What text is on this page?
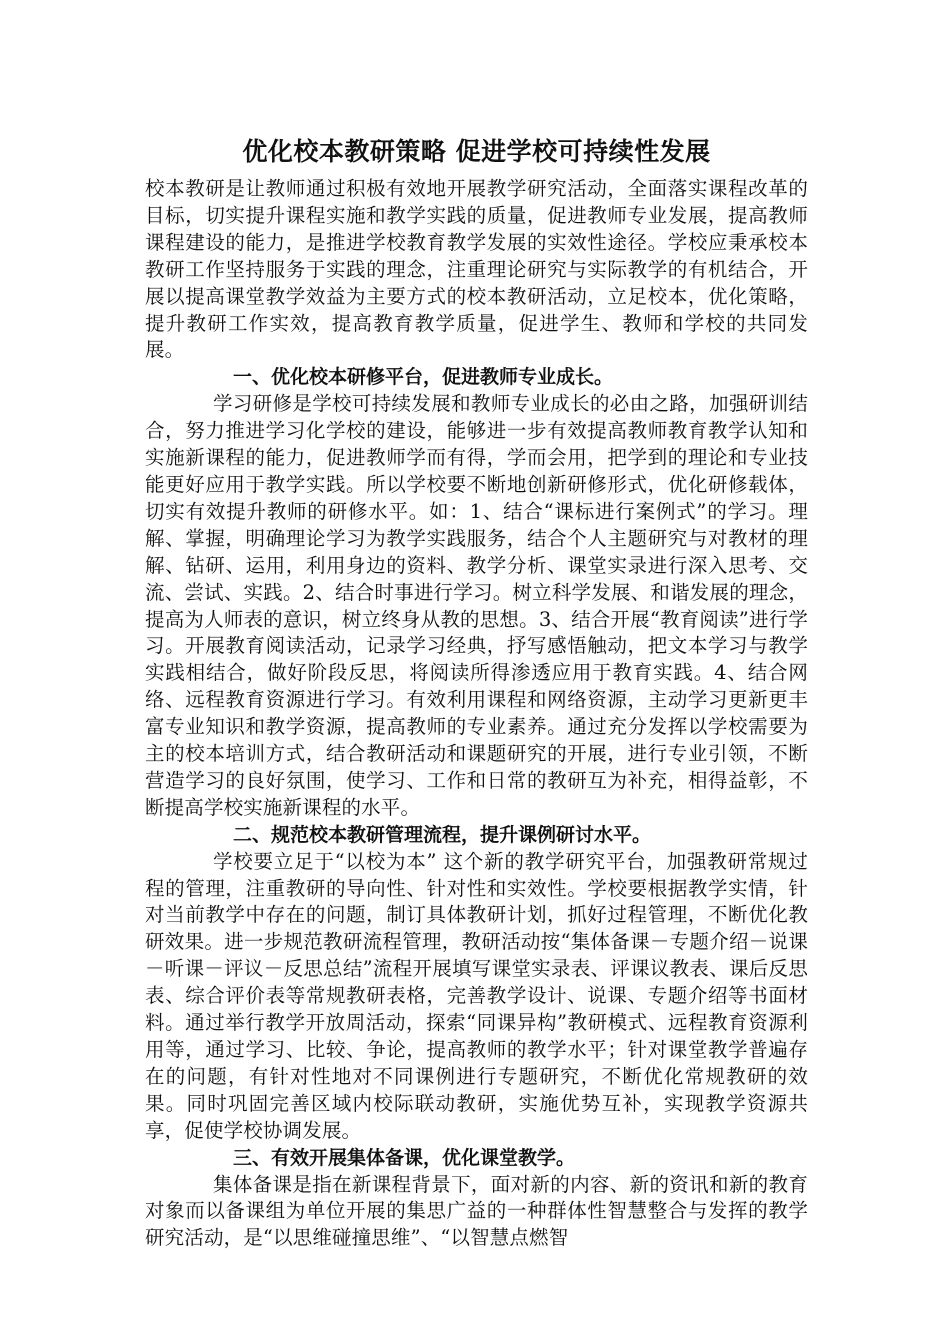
优化校本教研策略 促进学校可持续性发展

校本教研是让教师通过积极有效地开展教学研究活动，全面落实课程改革的目标，切实提升课程实施和教学实践的质量，促进教师专业发展，提高教师课程建设的能力，是推进学校教育教学发展的实效性途径。学校应秉承校本教研工作坚持服务于实践的理念，注重理论研究与实际教学的有机结合，开展以提高课堂教学效益为主要方式的校本教研活动，立足校本，优化策略，提升教研工作实效，提高教育教学质量，促进学生、教师和学校的共同发展。

一、优化校本研修平台，促进教师专业成长。

学习研修是学校可持续发展和教师专业成长的必由之路，加强研训结合，努力推进学习化学校的建设，能够进一步有效提高教师教育教学认知和实施新课程的能力，促进教师学而有得，学而会用，把学到的理论和专业技能更好应用于教学实践。所以学校要不断地创新研修形式，优化研修载体，切实有效提升教师的研修水平。如：1、结合“课标进行案例式”的学习。理解、掌握，明确理论学习为教学实践服务，结合个人主题研究与对教材的理解、钻研、运用，利用身边的资料、教学分析、课堂实录进行深入思考、交流、尝试、实践。2、结合时事进行学习。树立科学发展、和谐发展的理念，提高为人师表的意识，树立终身从教的思想。3、结合开展“教育阅读”进行学习。开展教育阅读活动，记录学习经典，抒写感悟触动，把文本学习与教学实践相结合，做好阶段反思，将阅读所得渗透应用于教育实践。4、结合网络、远程教育资源进行学习。有效利用课程和网络资源，主动学习更新更丰富专业知识和教学资源，提高教师的专业素养。通过充分发挥以学校需要为主的校本培训方式，结合教研活动和课题研究的开展，进行专业引领，不断营造学习的良好氛围，使学习、工作和日常的教研互为补充，相得益彰，不断提高学校实施新课程的水平。

二、规范校本教研管理流程，提升课例研讨水平。

学校要立足于“以校为本” 这个新的教学研究平台，加强教研常规过程的管理，注重教研的导向性、针对性和实效性。学校要根据教学实情，针对当前教学中存在的问题，制订具体教研计划，抓好过程管理，不断优化教研效果。进一步规范教研流程管理，教研活动按“集体备课－专题介绍－说课－听课－评议－反思总结”流程开展填写课堂实录表、评课议教表、课后反思表、综合评价表等常规教研表格，完善教学设计、说课、专题介绍等书面材料。通过举行教学开放周活动，探索“同课异构”教研模式、远程教育资源利用等，通过学习、比较、争论，提高教师的教学水平；针对课堂教学普遍存在的问题，有针对性地对不同课例进行专题研究，不断优化常规教研的效果。同时巩固完善区域内校际联动教研，实施优势互补，实现教学资源共享，促使学校协调发展。

三、有效开展集体备课，优化课堂教学。

集体备课是指在新课程背景下，面对新的内容、新的资讯和新的教育对象而以备课组为单位开展的集思广益的一种群体性智慧整合与发挥的教学研究活动，是“以思维碰撞思维”、“以智慧点燃智
